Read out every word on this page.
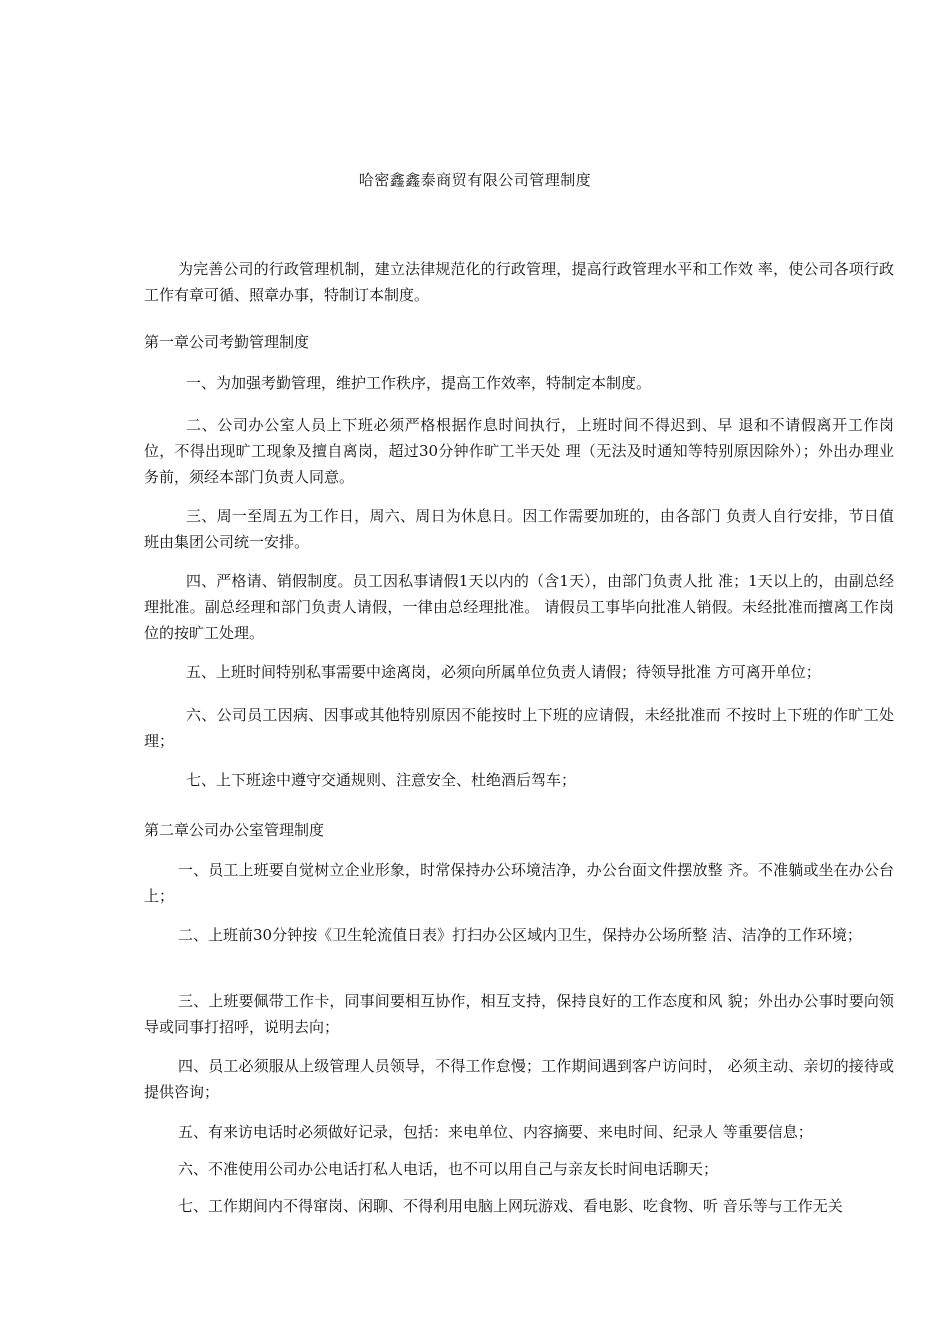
哈密鑫鑫泰商贸有限公司管理制度
为完善公司的行政管理机制，建立法律规范化的行政管理，提高行政管理水平和工作效 率，使公司各项行政工作有章可循、照章办事，特制订本制度。
第一章公司考勤管理制度
一、为加强考勤管理，维护工作秩序，提高工作效率，特制定本制度。
二、公司办公室人员上下班必须严格根据作息时间执行，上班时间不得迟到、早 退和不请假离开工作岗位，不得出现旷工现象及擅自离岗，超过30分钟作旷工半天处 理（无法及时通知等特别原因除外）；外出办理业务前，须经本部门负责人同意。
三、周一至周五为工作日，周六、周日为休息日。因工作需要加班的，由各部门 负责人自行安排，节日值班由集团公司统一安排。
四、严格请、销假制度。员工因私事请假1天以内的（含1天），由部门负责人批 准；1天以上的，由副总经理批准。副总经理和部门负责人请假，一律由总经理批准。 请假员工事毕向批准人销假。未经批准而擅离工作岗位的按旷工处理。
五、上班时间特别私事需要中途离岗，必须向所属单位负责人请假；待领导批准 方可离开单位；
六、公司员工因病、因事或其他特别原因不能按时上下班的应请假，未经批准而 不按时上下班的作旷工处理；
七、上下班途中遵守交通规则、注意安全、杜绝酒后驾车；
第二章公司办公室管理制度
一、员工上班要自觉树立企业形象，时常保持办公环境洁净，办公台面文件摆放整 齐。不准躺或坐在办公台上；
二、上班前30分钟按《卫生轮流值日表》打扫办公区域内卫生，保持办公场所整 洁、洁净的工作环境；
三、上班要佩带工作卡，同事间要相互协作，相互支持，保持良好的工作态度和风 貌；外出办公事时要向领导或同事打招呼，说明去向；
四、员工必须服从上级管理人员领导，不得工作怠慢；工作期间遇到客户访问时， 必须主动、亲切的接待或提供咨询；
五、有来访电话时必须做好记录，包括：来电单位、内容摘要、来电时间、纪录人 等重要信息；
六、不准使用公司办公电话打私人电话，也不可以用自己与亲友长时间电话聊天；
七、工作期间内不得窜岗、闲聊、不得利用电脑上网玩游戏、看电影、吃食物、听 音乐等与工作无关
